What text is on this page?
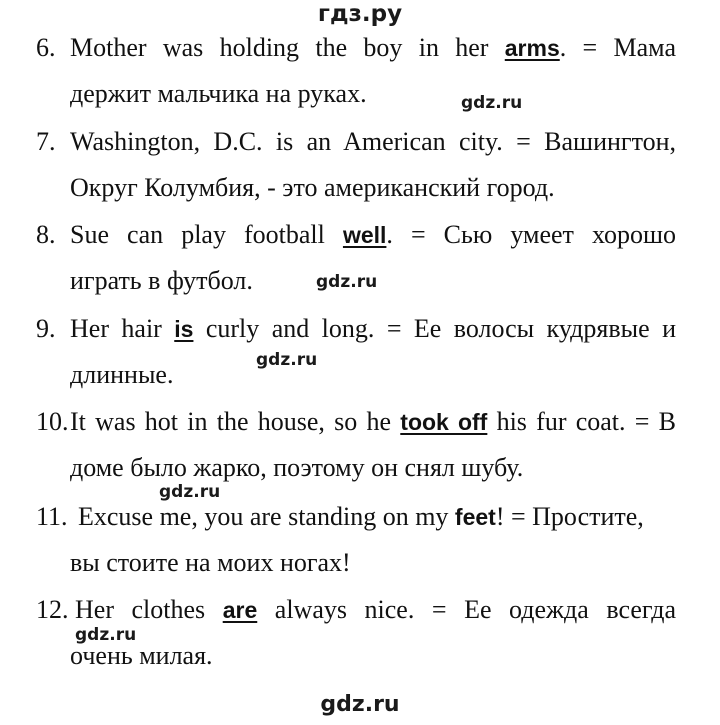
гдз.ру
6. Mother was holding the boy in her arms. = Мама
держит мальчика на руках.
7. Washington, D.C. is an American city. = Вашингтон,
Округ Колумбия, - это американский город.
8. Sue can play football well. = Сью умеет хорошо
играть в футбол.
9. Her hair is curly and long. = Ее волосы кудрявые и
длинные.
10. It was hot in the house, so he took off his fur coat. = В
доме было жарко, поэтому он снял шубу.
11. Excuse me, you are standing on my feet! = Простите,
вы стоите на моих ногах!
12. Her clothes are always nice. = Ее одежда всегда
очень милая.
gdz.ru
gdz.ru
gdz.ru
gdz.ru
gdz.ru
gdz.ru
